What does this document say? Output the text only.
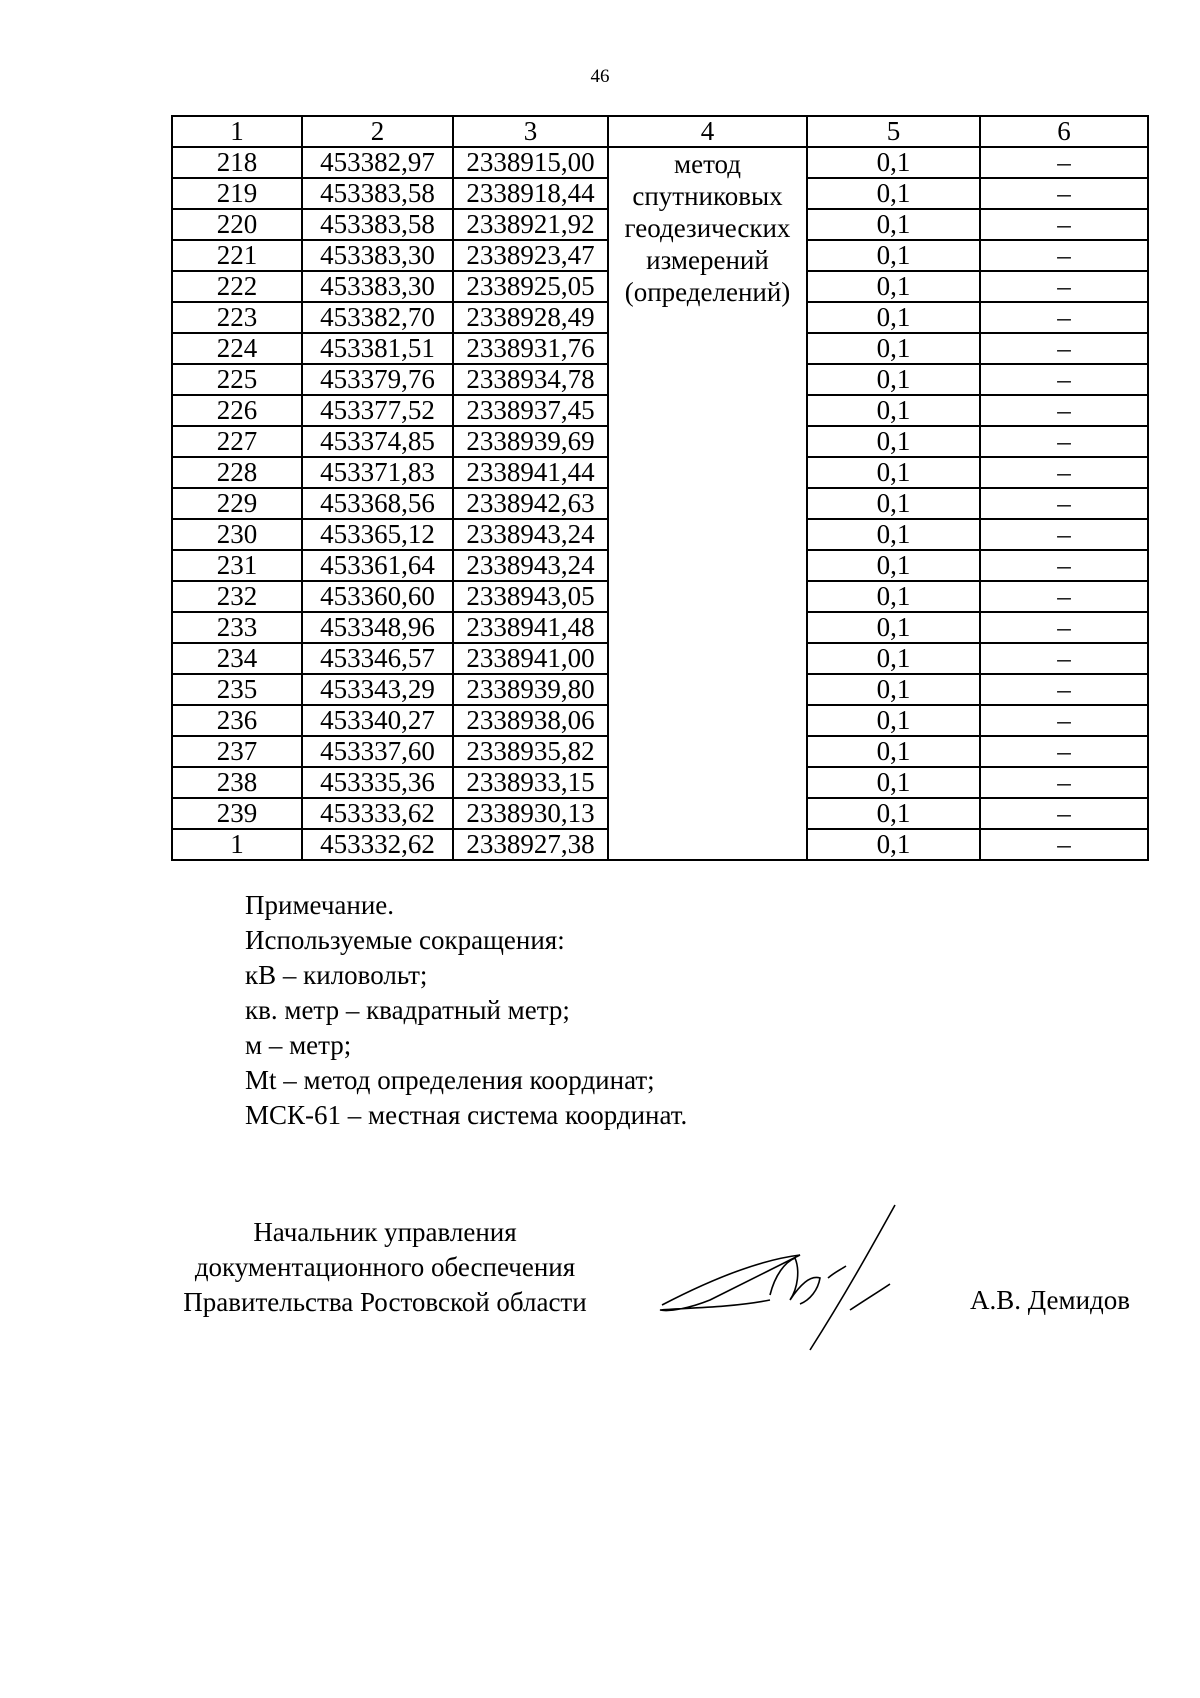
46
1	2	3	4	5	6
218	453382,97	2338915,00	метод
спутниковых
геодезических
измерений
(определений)	0,1	–
219	453383,58	2338918,44		0,1	–
220	453383,58	2338921,92		0,1	–
221	453383,30	2338923,47		0,1	–
222	453383,30	2338925,05		0,1	–
223	453382,70	2338928,49		0,1	–
224	453381,51	2338931,76		0,1	–
225	453379,76	2338934,78		0,1	–
226	453377,52	2338937,45		0,1	–
227	453374,85	2338939,69		0,1	–
228	453371,83	2338941,44		0,1	–
229	453368,56	2338942,63		0,1	–
230	453365,12	2338943,24		0,1	–
231	453361,64	2338943,24		0,1	–
232	453360,60	2338943,05		0,1	–
233	453348,96	2338941,48		0,1	–
234	453346,57	2338941,00		0,1	–
235	453343,29	2338939,80		0,1	–
236	453340,27	2338938,06		0,1	–
237	453337,60	2338935,82		0,1	–
238	453335,36	2338933,15		0,1	–
239	453333,62	2338930,13		0,1	–
1	453332,62	2338927,38		0,1	–
Примечание.
Используемые сокращения:
кВ – киловольт;
кв. метр – квадратный метр;
м – метр;
Mt – метод определения координат;
МСК-61 – местная система координат.
Начальник управления
документационного обеспечения
Правительства Ростовской области	А.В. Демидов
